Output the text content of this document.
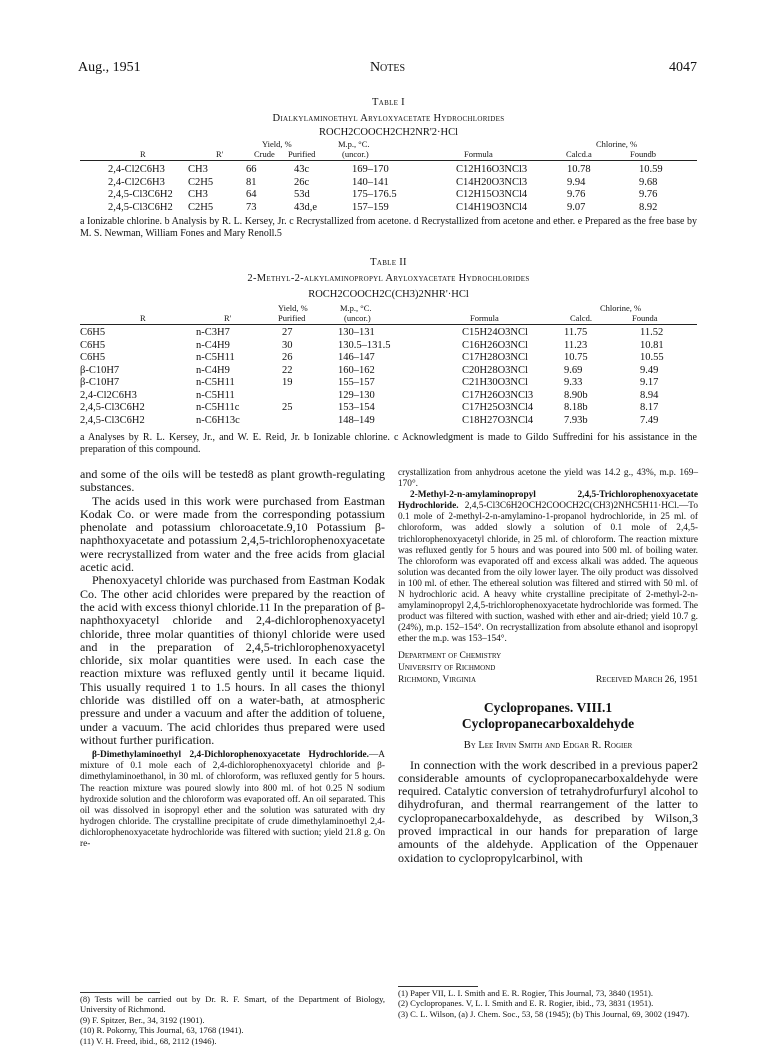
Aug., 1951	Notes	4047
Table I
Dialkylaminoethyl Aryloxyacetate Hydrochlorides
ROCH2COOCH2CH2NR'2·HCl
R	R'
Yield, %
Crude Purified
M.p., °C.
(uncor.)	Formula
Chlorine, %
Calcd.a	Foundb
2,4-Cl2C6H3	CH3	66	43c	169–170	C12H16O3NCl3	10.78	10.59
2,4-Cl2C6H3	C2H5	81	26c	140–141	C14H20O3NCl3	9.94	9.68
2,4,5-Cl3C6H2	CH3	64	53d	175–176.5	C12H15O3NCl4	9.76	9.76
2,4,5-Cl3C6H2	C2H5	73	43d,e	157–159	C14H19O3NCl4	9.07	8.92
a Ionizable chlorine. b Analysis by R. L. Kersey, Jr. c Recrystallized from acetone. d Recrystallized from acetone and ether. e Prepared as the free base by M. S. Newman, William Fones and Mary Renoll.5
Table II
2-Methyl-2-alkylaminopropyl Aryloxyacetate Hydrochlorides
ROCH2COOCH2C(CH3)2NHR'·HCl
R	R'
Yield, %
Purified
M.p., °C.
(uncor.)	Formula
Chlorine, %
Calcd.	Founda
C6H5	n-C3H7	27	130–131	C15H24O3NCl	11.75	11.52
C6H5	n-C4H9	30	130.5–131.5	C16H26O3NCl	11.23	10.81
C6H5	n-C5H11	26	146–147	C17H28O3NCl	10.75	10.55
β-C10H7	n-C4H9	22	160–162	C20H28O3NCl	9.69	9.49
β-C10H7	n-C5H11	19	155–157	C21H30O3NCl	9.33	9.17
2,4-Cl2C6H3	n-C5H11		129–130	C17H26O3NCl3	8.90b	8.94
2,4,5-Cl3C6H2	n-C5H11c	25	153–154	C17H25O3NCl4	8.18b	8.17
2,4,5-Cl3C6H2	n-C6H13c		148–149	C18H27O3NCl4	7.93b	7.49
a Analyses by R. L. Kersey, Jr., and W. E. Reid, Jr. b Ionizable chlorine. c Acknowledgment is made to Gildo Suffredini for his assistance in the preparation of this compound.

and some of the oils will be tested8 as plant growth-regulating substances.

The acids used in this work were purchased from Eastman Kodak Co. or were made from the corresponding potassium phenolate and potassium chloroacetate.9,10 Potassium β-naphthoxyacetate and potassium 2,4,5-trichlorophenoxyacetate were recrystallized from water and the free acids from glacial acetic acid.

Phenoxyacetyl chloride was purchased from Eastman Kodak Co. The other acid chlorides were prepared by the reaction of the acid with excess thionyl chloride.11 In the preparation of β-naphthoxyacetyl chloride and 2,4-dichlorophenoxyacetyl chloride, three molar quantities of thionyl chloride were used and in the preparation of 2,4,5-trichlorophenoxyacetyl chloride, six molar quantities were used. In each case the reaction mixture was refluxed gently until it became liquid. This usually required 1 to 1.5 hours. In all cases the thionyl chloride was distilled off on a water-bath, at atmospheric pressure and under a vacuum and after the addition of toluene, under a vacuum. The acid chlorides thus prepared were used without further purification.

β-Dimethylaminoethyl 2,4-Dichlorophenoxyacetate Hydrochloride.—A mixture of 0.1 mole each of 2,4-dichlorophenoxyacetyl chloride and β-dimethylaminoethanol, in 30 ml. of chloroform, was refluxed gently for 5 hours. The reaction mixture was poured slowly into 800 ml. of hot 0.25 N sodium hydroxide solution and the chloroform was evaporated off. An oil separated. This oil was dissolved in isopropyl ether and the solution was saturated with dry hydrogen chloride. The crystalline precipitate of crude dimethylaminoethyl 2,4-dichlorophenoxyacetate hydrochloride was filtered with suction; yield 21.8 g. On re-

(8) Tests will be carried out by Dr. R. F. Smart, of the Department of Biology, University of Richmond.

(9) F. Spitzer, Ber., 34, 3192 (1901).

(10) R. Pokorny, This Journal, 63, 1768 (1941).

(11) V. H. Freed, ibid., 68, 2112 (1946).

crystallization from anhydrous acetone the yield was 14.2 g., 43%, m.p. 169–170°.

2-Methyl-2-n-amylaminopropyl 2,4,5-Trichlorophenoxyacetate Hydrochloride. 2,4,5-Cl3C6H2OCH2COOCH2C(CH3)2NHC5H11·HCl.—To 0.1 mole of 2-methyl-2-n-amylamino-1-propanol hydrochloride, in 25 ml. of chloroform, was added slowly a solution of 0.1 mole of 2,4,5-trichlorophenoxyacetyl chloride, in 25 ml. of chloroform. The reaction mixture was refluxed gently for 5 hours and was poured into 500 ml. of boiling water. The chloroform was evaporated off and excess alkali was added. The aqueous solution was decanted from the oily lower layer. The oily product was dissolved in 100 ml. of ether. The ethereal solution was filtered and stirred with 50 ml. of N hydrochloric acid. A heavy white crystalline precipitate of 2-methyl-2-n-amylaminopropyl 2,4,5-trichlorophenoxyacetate hydrochloride was formed. The product was filtered with suction, washed with ether and air-dried; yield 10.7 g. (24%), m.p. 152–154°. On recrystallization from absolute ethanol and isopropyl ether the m.p. was 153–154°.

Department of Chemistry
University of Richmond
Richmond, Virginia	Received March 26, 1951
Cyclopropanes. VIII.1 Cyclopropanecarboxaldehyde
By Lee Irvin Smith and Edgar R. Rogier

In connection with the work described in a previous paper2 considerable amounts of cyclopropanecarboxaldehyde were required. Catalytic conversion of tetrahydrofurfuryl alcohol to dihydrofuran, and thermal rearrangement of the latter to cyclopropanecarboxaldehyde, as described by Wilson,3 proved impractical in our hands for preparation of large amounts of the aldehyde. Application of the Oppenauer oxidation to cyclopropylcarbinol, with

(1) Paper VII, L. I. Smith and E. R. Rogier, This Journal, 73, 3840 (1951).

(2) Cyclopropanes. V, L. I. Smith and E. R. Rogier, ibid., 73, 3831 (1951).

(3) C. L. Wilson, (a) J. Chem. Soc., 53, 58 (1945); (b) This Journal, 69, 3002 (1947).
